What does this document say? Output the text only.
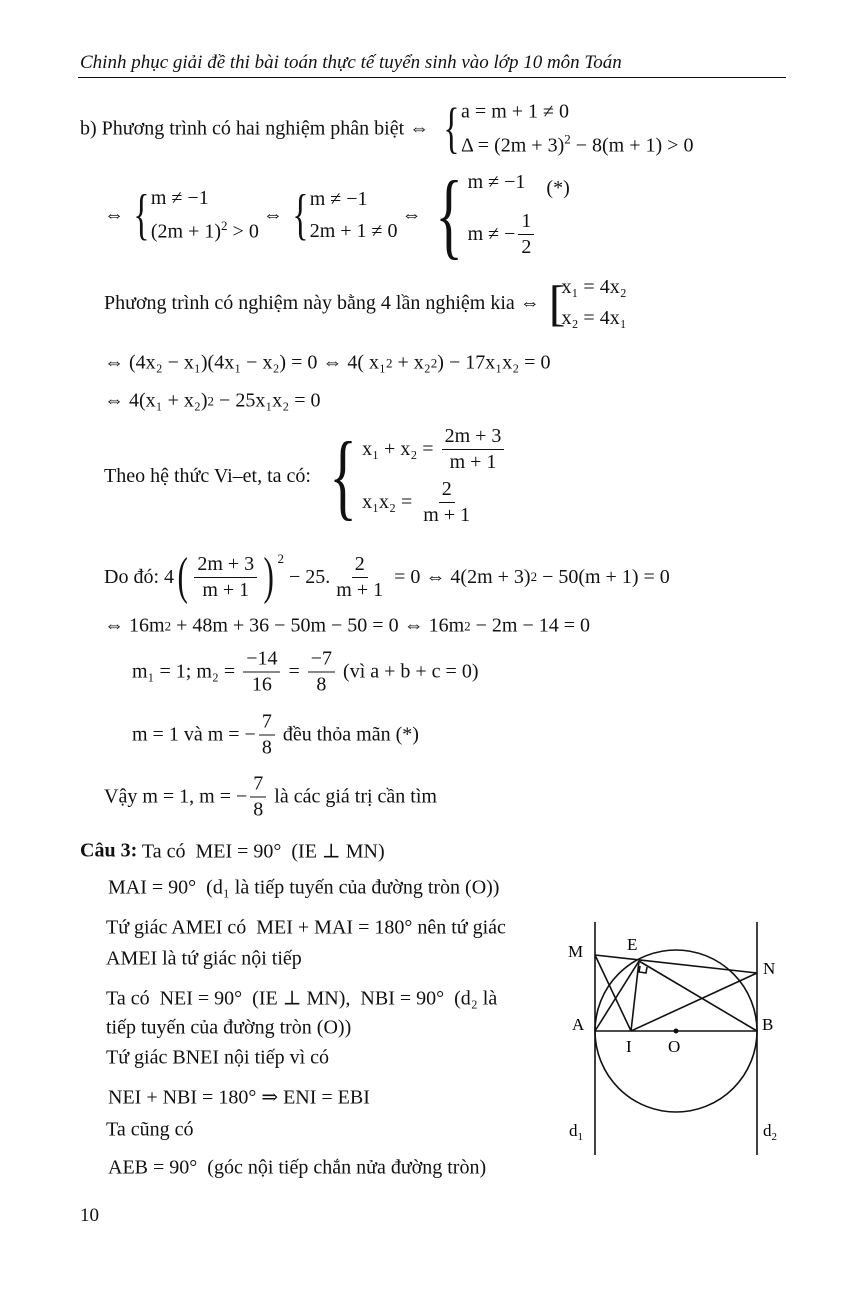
Chinh phục giải đề thi bài toán thực tế tuyển sinh vào lớp 10 môn Toán
b) Phương trình có hai nghiệm phân biệt ⇔ { a = m + 1 ≠ 0
$\Delta = (2m + 3)^2 - 8(m + 1) > 0$
⇔ { m ≠ −1
$(2m + 1)^2 > 0$
⇔ { m ≠ −1
2m + 1 ≠ 0
⇔ { m ≠ −1
m ≠ − $\frac{1}{2}$
(*)
Phương trình có nghiệm này bằng 4 lần nghiệm kia ⇔ [
x₁ = 4x₂
x₂ = 4x₁
⇔ (4x₂ − x₁)(4x₁ − x₂) = 0 ⇔ 4( x₁ 2 + x₂ 2 ) − 17x₁x₂ = 0
⇔ 4(x₁ + x₂) 2 − 25x₁x₂ = 0
Theo hệ thức Vi–et, ta có: { $x_1 + x_2 = \frac{2m + 3}{m + 1}$
$x_1x_2 = \frac{2}{m + 1}$
Do đó: 4 ( $\frac{2m + 3}{m + 1}$ ) $^2$
− 25. $\frac{2}{m + 1} = 0$ ⇔ 4(2m + 3) 2 − 50(m + 1) = 0
⇔ 16m 2 + 48m + 36 − 50m − 50 = 0 ⇔ 16m 2 − 2m − 14 = 0
m₁ = 1; $m_2 = \frac{-14}{16} = \frac{-7}{8}$ (vì a + b + c = 0)
m = 1 và m = − $\frac{7}{8}$ đều thỏa mãn (*)
Vậy m = 1, m = − $\frac{7}{8}$ là các giá trị cần tìm
Câu 3: Ta có  MEI = 90°  (IE ⊥ MN)
MAI = 90°  (d₁ là tiếp tuyến của đường tròn (O))
Tứ giác AMEI có  MEI + MAI = 180° nên tứ giác
AMEI là tứ giác nội tiếp
Ta có  NEI = 90°  (IE ⊥ MN),  NBI = 90°  (d₂ là
tiếp tuyến của đường tròn (O))
Tứ giác BNEI nội tiếp vì có
NEI + NBI = 180° ⇒ ENI = EBI
Ta cũng có
AEB = 90°  (góc nội tiếp chắn nửa đường tròn)
M	E
N
A	B
I O
$d_1$	$d_2$
10
